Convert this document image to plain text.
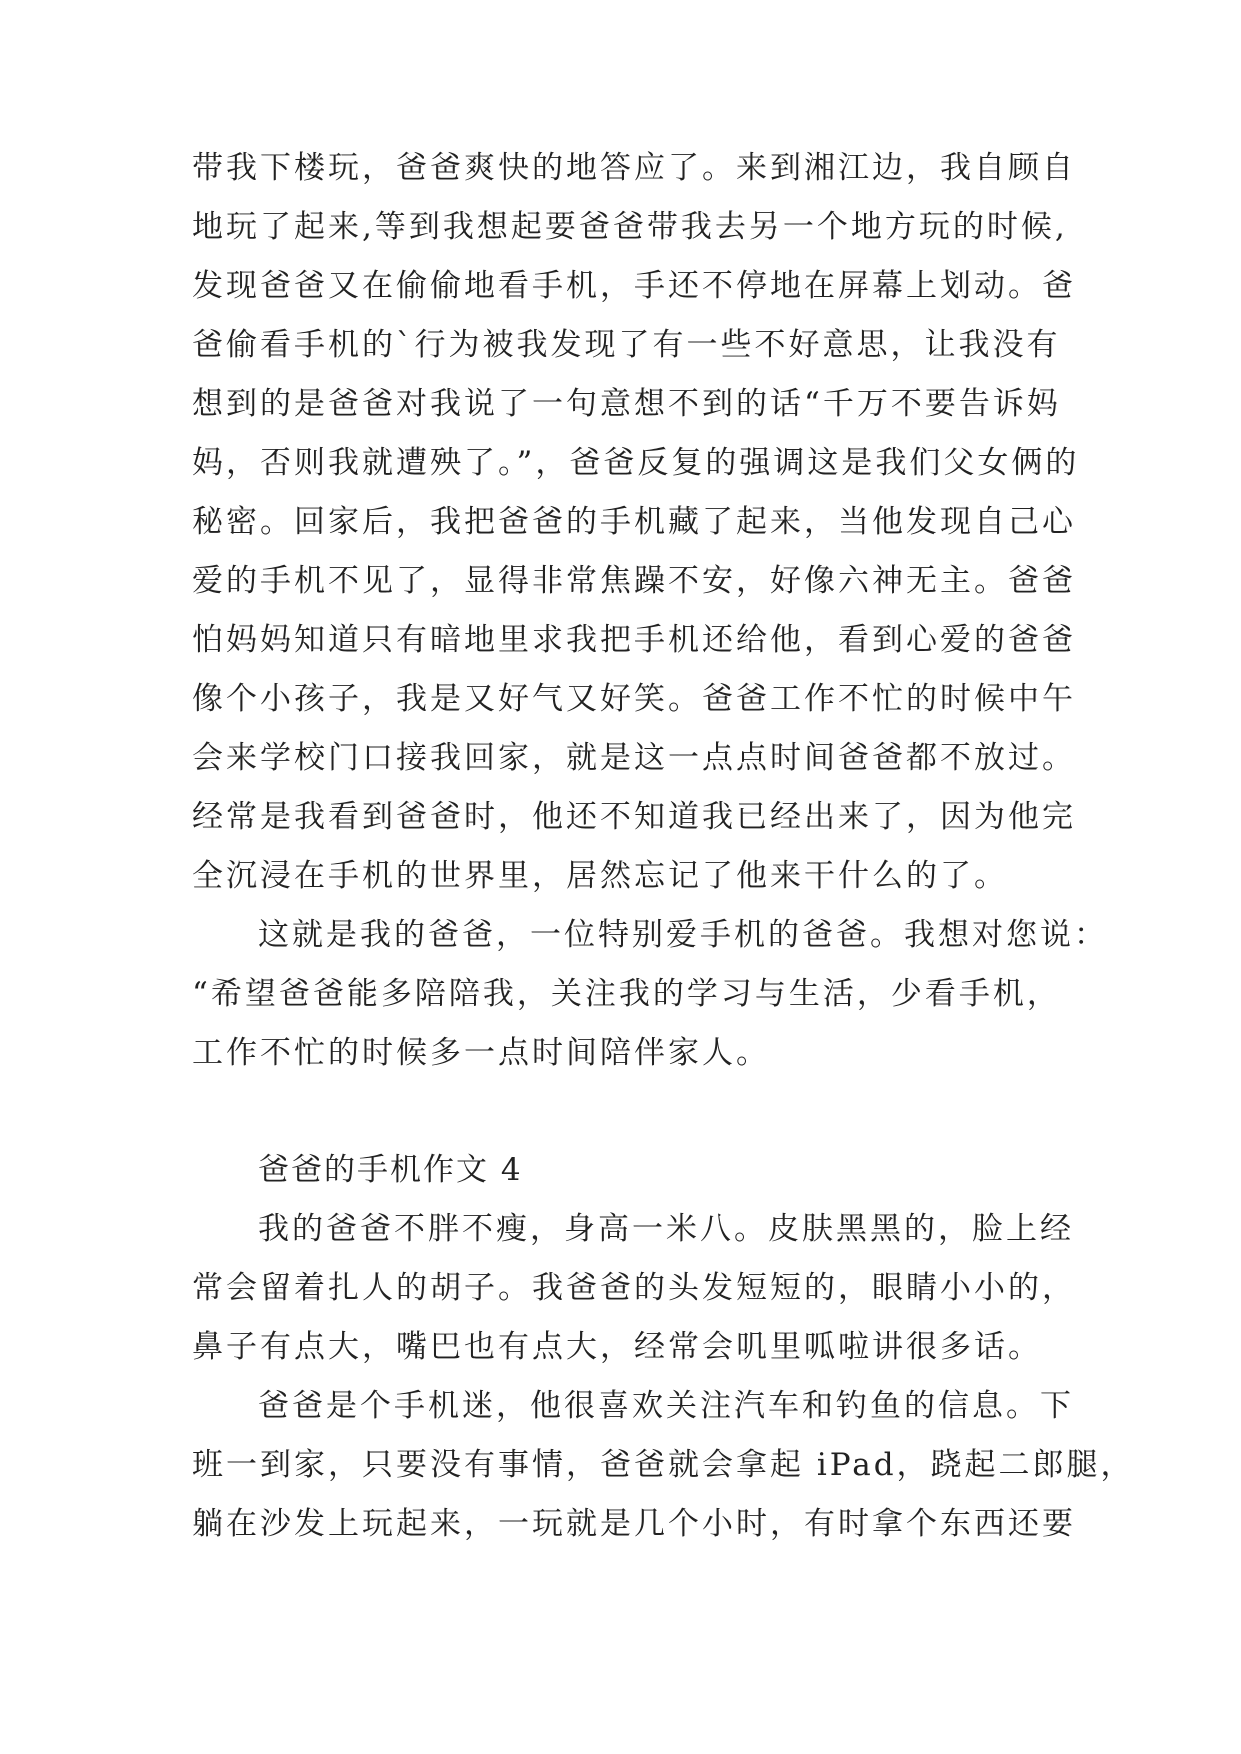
带我下楼玩，爸爸爽快的地答应了。来到湘江边，我自顾自
地玩了起来,等到我想起要爸爸带我去另一个地方玩的时候,
发现爸爸又在偷偷地看手机，手还不停地在屏幕上划动。爸
爸偷看手机的`行为被我发现了有一些不好意思，让我没有
想到的是爸爸对我说了一句意想不到的话“千万不要告诉妈
妈，否则我就遭殃了。”，爸爸反复的强调这是我们父女俩的
秘密。回家后，我把爸爸的手机藏了起来，当他发现自己心
爱的手机不见了，显得非常焦躁不安，好像六神无主。爸爸
怕妈妈知道只有暗地里求我把手机还给他，看到心爱的爸爸
像个小孩子，我是又好气又好笑。爸爸工作不忙的时候中午
会来学校门口接我回家，就是这一点点时间爸爸都不放过。
经常是我看到爸爸时，他还不知道我已经出来了，因为他完
全沉浸在手机的世界里，居然忘记了他来干什么的了。
这就是我的爸爸，一位特别爱手机的爸爸。我想对您说：
“希望爸爸能多陪陪我，关注我的学习与生活，少看手机，
工作不忙的时候多一点时间陪伴家人。
爸爸的手机作文 4
我的爸爸不胖不瘦，身高一米八。皮肤黑黑的，脸上经
常会留着扎人的胡子。我爸爸的头发短短的，眼睛小小的，
鼻子有点大，嘴巴也有点大，经常会叽里呱啦讲很多话。
爸爸是个手机迷，他很喜欢关注汽车和钓鱼的信息。下
班一到家，只要没有事情，爸爸就会拿起 iPad，跷起二郎腿，
躺在沙发上玩起来，一玩就是几个小时，有时拿个东西还要
